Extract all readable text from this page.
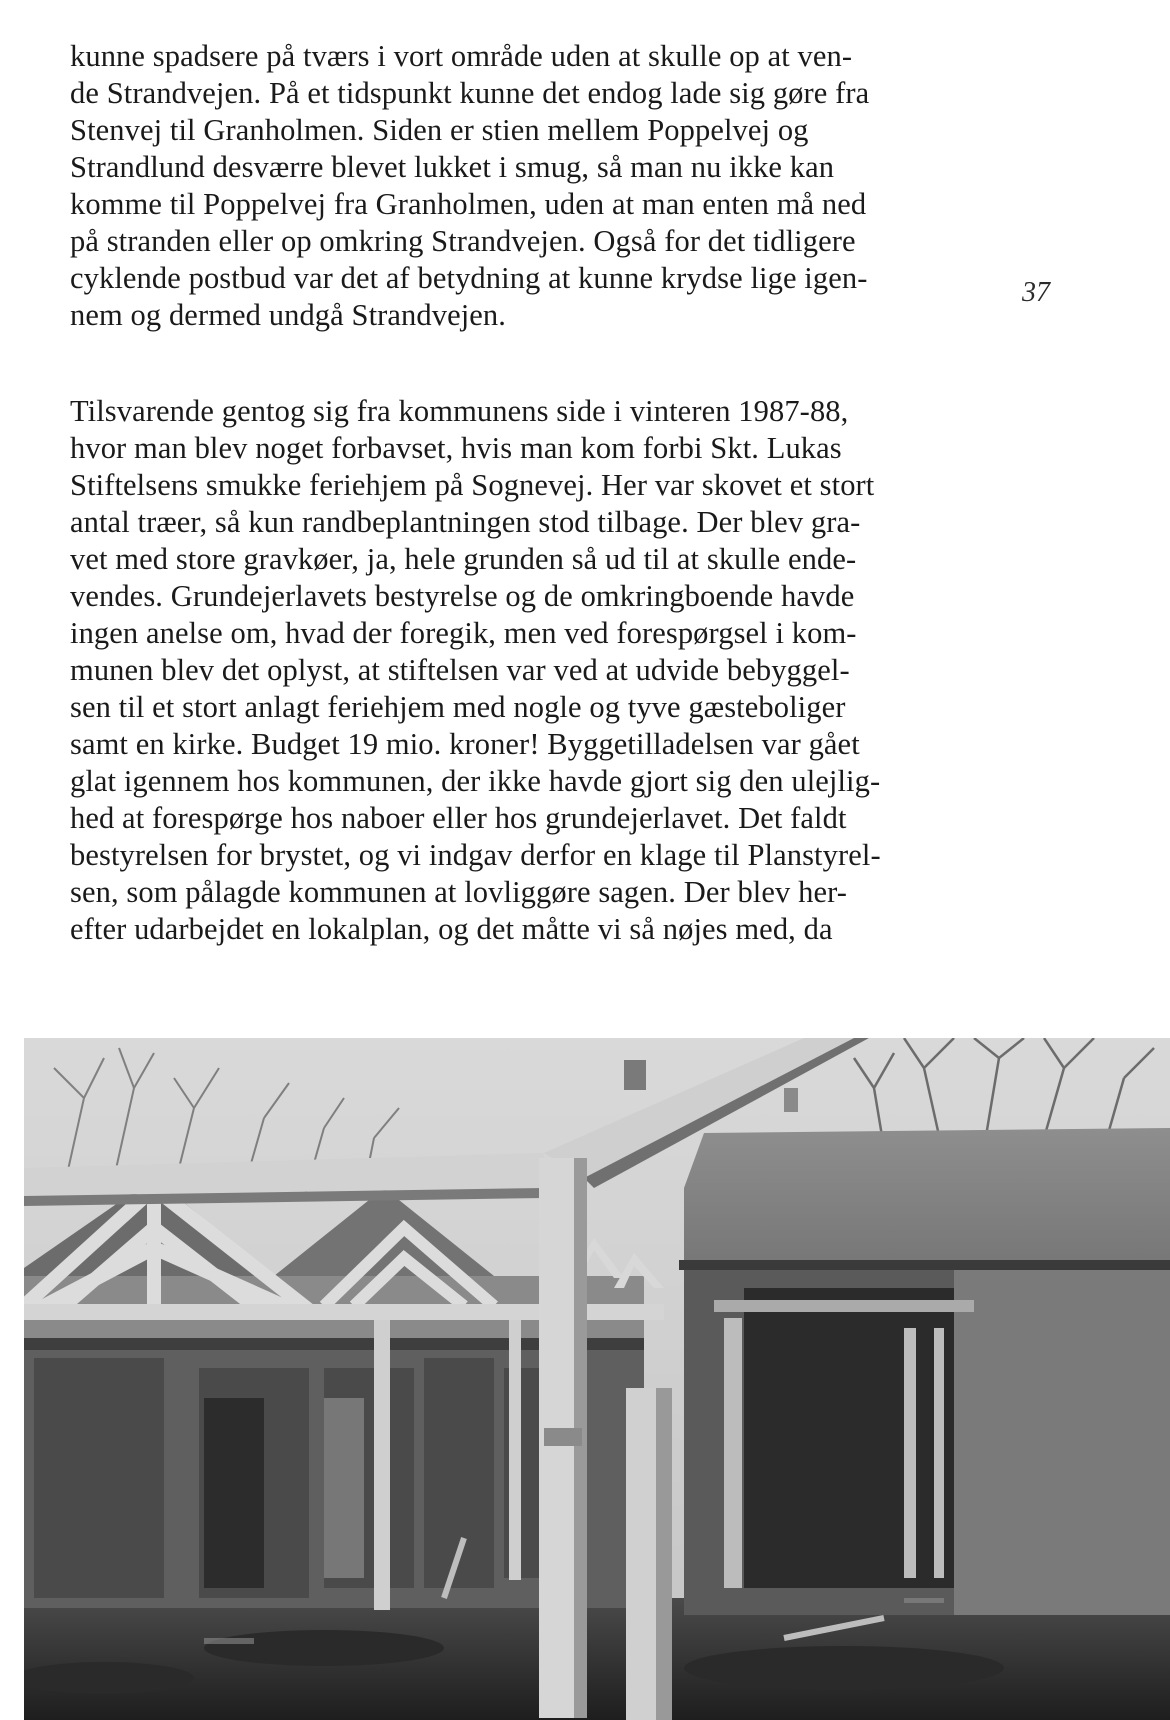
kunne spadsere på tværs i vort område uden at skulle op at ven-
de Strandvejen. På et tidspunkt kunne det endog lade sig gøre fra
Stenvej til Granholmen. Siden er stien mellem Poppelvej og
Strandlund desværre blevet lukket i smug, så man nu ikke kan
komme til Poppelvej fra Granholmen, uden at man enten må ned
på stranden eller op omkring Strandvejen. Også for det tidligere
cyklende postbud var det af betydning at kunne krydse lige igen-
nem og dermed undgå Strandvejen.

37

Tilsvarende gentog sig fra kommunens side i vinteren 1987-88,
hvor man blev noget forbavset, hvis man kom forbi Skt. Lukas
Stiftelsens smukke feriehjem på Sognevej. Her var skovet et stort
antal træer, så kun randbeplantningen stod tilbage. Der blev gra-
vet med store gravkøer, ja, hele grunden så ud til at skulle ende-
vendes. Grundejerlavets bestyrelse og de omkringboende havde
ingen anelse om, hvad der foregik, men ved forespørgsel i kom-
munen blev det oplyst, at stiftelsen var ved at udvide bebyggel-
sen til et stort anlagt feriehjem med nogle og tyve gæsteboliger
samt en kirke. Budget 19 mio. kroner! Byggetilladelsen var gået
glat igennem hos kommunen, der ikke havde gjort sig den ulejlig-
hed at forespørge hos naboer eller hos grundejerlavet. Det faldt
bestyrelsen for brystet, og vi indgav derfor en klage til Planstyrel-
sen, som pålagde kommunen at lovliggøre sagen. Der blev her-
efter udarbejdet en lokalplan, og det måtte vi så nøjes med, da
